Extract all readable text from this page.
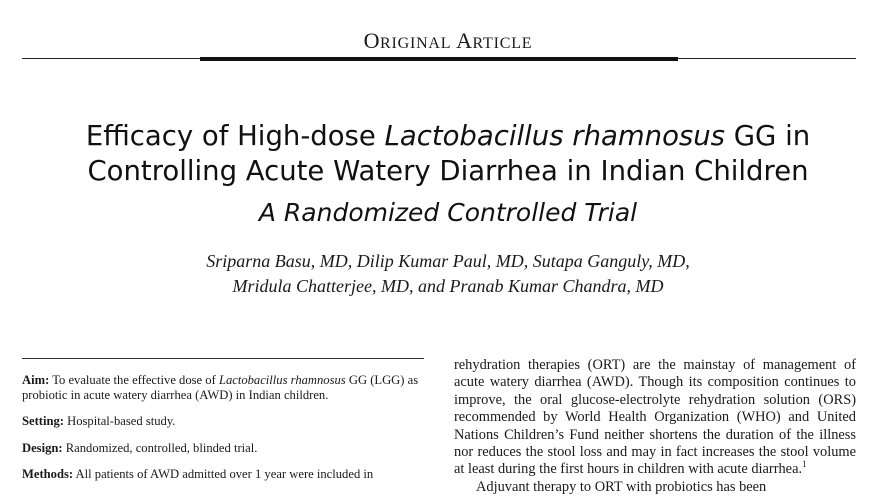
ORIGINAL ARTICLE
Efficacy of High-dose Lactobacillus rhamnosus GG in
Controlling Acute Watery Diarrhea in Indian Children
A Randomized Controlled Trial
Sriparna Basu, MD, Dilip Kumar Paul, MD, Sutapa Ganguly, MD,
Mridula Chatterjee, MD, and Pranab Kumar Chandra, MD

Aim: To evaluate the effective dose of Lactobacillus rhamnosus GG (LGG) as probiotic in acute watery diarrhea (AWD) in Indian children.

Setting: Hospital-based study.

Design: Randomized, controlled, blinded trial.

Methods: All patients of AWD admitted over 1 year were included in

rehydration therapies (ORT) are the mainstay of management of acute watery diarrhea (AWD). Though its composition continues to improve, the oral glucose-electrolyte rehydration solution (ORS) recommended by World Health Organization (WHO) and United Nations Children’s Fund neither shortens the duration of the illness nor reduces the stool loss and may in fact increases the stool volume at least during the first hours in children with acute diarrhea.$^1$

Adjuvant therapy to ORT with probiotics has been
